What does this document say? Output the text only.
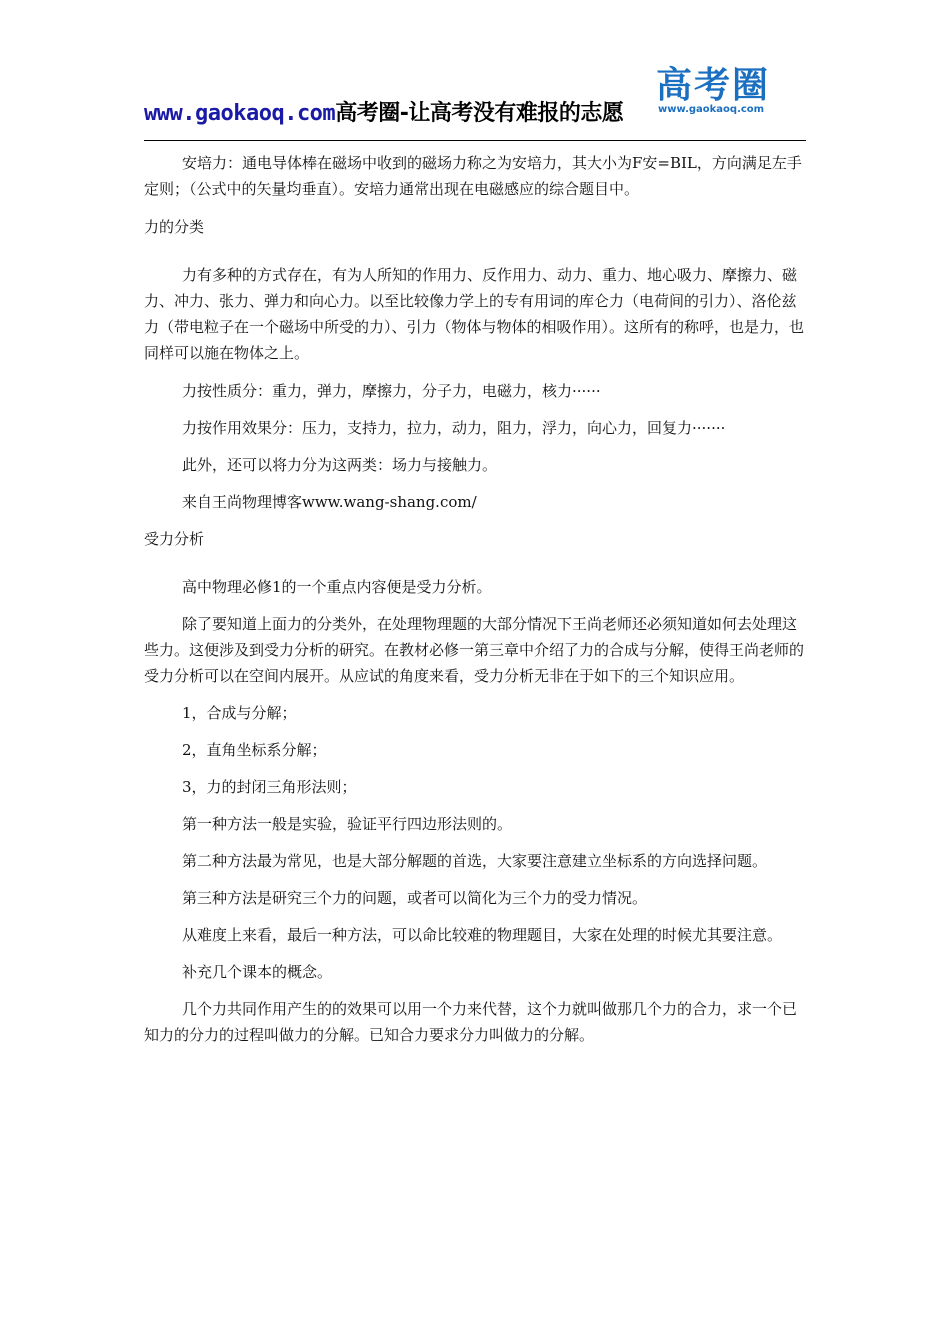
www.gaokaoq.com高考圈-让高考没有难报的志愿
高考圈
www.gaokaoq.com

安培力：通电导体棒在磁场中收到的磁场力称之为安培力，其大小为F安=BIL，方向满足左手定则；（公式中的矢量均垂直）。安培力通常出现在电磁感应的综合题目中。

力的分类

力有多种的方式存在，有为人所知的作用力、反作用力、动力、重力、地心吸力、摩擦力、磁力、冲力、张力、弹力和向心力。以至比较像力学上的专有用词的库仑力（电荷间的引力）、洛伦兹力（带电粒子在一个磁场中所受的力）、引力（物体与物体的相吸作用）。这所有的称呼，也是力，也同样可以施在物体之上。

力按性质分：重力，弹力，摩擦力，分子力，电磁力，核力······

力按作用效果分：压力，支持力，拉力，动力，阻力，浮力，向心力，回复力·······

此外，还可以将力分为这两类：场力与接触力。

来自王尚物理博客www.wang-shang.com/

受力分析

高中物理必修1的一个重点内容便是受力分析。

除了要知道上面力的分类外，在处理物理题的大部分情况下王尚老师还必须知道如何去处理这些力。这便涉及到受力分析的研究。在教材必修一第三章中介绍了力的合成与分解，使得王尚老师的受力分析可以在空间内展开。从应试的角度来看，受力分析无非在于如下的三个知识应用。

1，合成与分解；

2，直角坐标系分解；

3，力的封闭三角形法则；

第一种方法一般是实验，验证平行四边形法则的。

第二种方法最为常见，也是大部分解题的首选，大家要注意建立坐标系的方向选择问题。

第三种方法是研究三个力的问题，或者可以简化为三个力的受力情况。

从难度上来看，最后一种方法，可以命比较难的物理题目，大家在处理的时候尤其要注意。

补充几个课本的概念。

几个力共同作用产生的的效果可以用一个力来代替，这个力就叫做那几个力的合力，求一个已知力的分力的过程叫做力的分解。已知合力要求分力叫做力的分解。
